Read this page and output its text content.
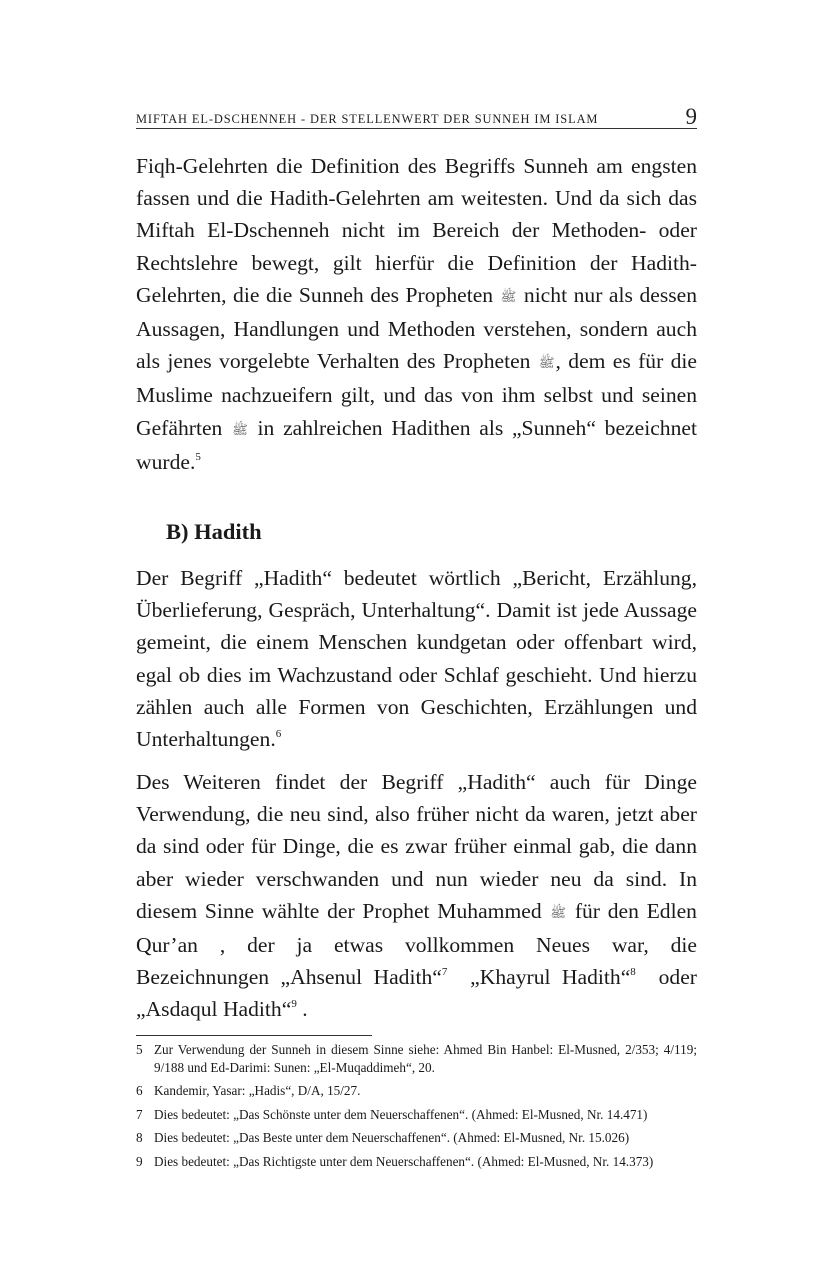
MIFTAH EL-DSCHENNEH - DER STELLENWERT DER SUNNEH IM ISLAM	9

Fiqh-Gelehrten die Definition des Begriffs Sunneh am engsten fassen und die Hadith-Gelehrten am weitesten. Und da sich das Miftah El-Dschenneh nicht im Bereich der Methoden- oder Rechtslehre bewegt, gilt hierfür die Definition der Hadith-Gelehrten, die die Sunneh des Propheten ﷺ nicht nur als dessen Aussagen, Handlungen und Methoden verstehen, sondern auch als jenes vorgelebte Verhalten des Propheten ﷺ, dem es für die Muslime nachzueifern gilt, und das von ihm selbst und seinen Gefährten ﷺ in zahlreichen Hadithen als „Sunneh“ bezeichnet wurde.$^5$

B) Hadith

Der Begriff „Hadith“ bedeutet wörtlich „Bericht, Erzählung, Überlieferung, Gespräch, Unterhaltung“. Damit ist jede Aussage gemeint, die einem Menschen kundgetan oder offenbart wird, egal ob dies im Wachzustand oder Schlaf geschieht. Und hierzu zählen auch alle Formen von Geschichten, Erzählungen und Unterhaltungen.$^6$

Des Weiteren findet der Begriff „Hadith“ auch für Dinge Verwendung, die neu sind, also früher nicht da waren, jetzt aber da sind oder für Dinge, die es zwar früher einmal gab, die dann aber wieder verschwanden und nun wieder neu da sind. In diesem Sinne wählte der Prophet Muhammed ﷺ für den Edlen Qur’an , der ja etwas vollkommen Neues war, die Bezeichnungen „Ahsenul Hadith“$^7$ „Khayrul Hadith“$^8$ oder „Asdaqul Hadith“$^9$ .

5 Zur Verwendung der Sunneh in diesem Sinne siehe: Ahmed Bin Hanbel: El-Musned, 2/353; 4/119; 9/188 und Ed-Darimi: Sunen: „El-Muqaddimeh“, 20.
6 Kandemir, Yasar: „Hadis“, D/A, 15/27.
7 Dies bedeutet: „Das Schönste unter dem Neuerschaffenen“. (Ahmed: El-Musned, Nr. 14.471)
8 Dies bedeutet: „Das Beste unter dem Neuerschaffenen“. (Ahmed: El-Musned, Nr. 15.026)
9 Dies bedeutet: „Das Richtigste unter dem Neuerschaffenen“. (Ahmed: El-Musned, Nr. 14.373)
